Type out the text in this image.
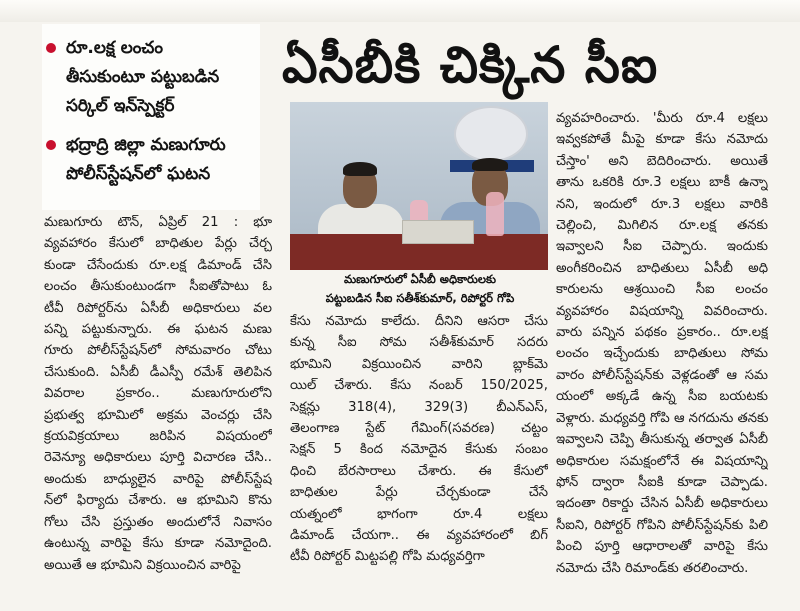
రూ.లక్ష లంచం
తీసుకుంటూ పట్టుబడిన
సర్కిల్ ఇన్‌స్పెక్టర్
భద్రాద్రి జిల్లా మణుగూరు
పోలీస్‌స్టేషన్‌లో ఘటన
ఏసీబీకి చిక్కిన సీఐ
మణుగూరులో ఏసీబీ అధికారులకు
పట్టుబడిన సీఐ సతీశ్‌కుమార్, రిపోర్టర్ గోపి
మణుగూరు టౌన్, ఏప్రిల్ 21 : భూ
వ్యవహారం కేసులో బాధితుల పేర్లు చేర్చ
కుండా చేసేందుకు రూ.లక్ష డిమాండ్ చేసి
లంచం తీసుకుంటుండగా సీఐతోపాటు ఓ
టీవీ రిపోర్టర్‌ను ఏసీబీ అధికారులు వల
పన్ని పట్టుకున్నారు. ఈ ఘటన మణు
గూరు పోలీస్‌స్టేషన్‌లో సోమవారం చోటు
చేసుకుంది. ఏసీబీ డీఎస్పీ రమేశ్ తెలిపిన
వివరాల ప్రకారం.. మణుగూరులోని
ప్రభుత్వ భూమిలో అక్రమ వెంచర్లు చేసి
క్రయవిక్రయాలు జరిపిన విషయంలో
రెవెన్యూ అధికారులు పూర్తి విచారణ చేసి..
అందుకు బాధ్యులైన వారిపై పోలీస్‌స్టేష
న్‌లో ఫిర్యాదు చేశారు. ఆ భూమిని కొను
గోలు చేసి ప్రస్తుతం అందులోనే నివాసం
ఉంటున్న వారిపై కేసు కూడా నమోదైంది.
అయితే ఆ భూమిని విక్రయించిన వారిపై
కేసు నమోదు కాలేదు. దీనిని ఆసరా చేసు
కున్న సీఐ సోమ సతీశ్‌కుమార్ సదరు
భూమిని విక్రయించిన వారిని బ్లాక్‌మె
యిల్ చేశారు. కేసు నంబర్ 150/2025,
సెక్షన్లు 318(4), 329(3) బీఎన్ఎస్,
తెలంగాణ స్టేట్ గేమింగ్(సవరణ) చట్టం
సెక్షన్ 5 కింద నమోదైన కేసుకు సంబం
ధించి బేరసారాలు చేశారు. ఈ కేసులో
బాధితుల పేర్లు చేర్చకుండా చేసే
యత్నంలో భాగంగా రూ.4 లక్షలు
డిమాండ్ చేయగా.. ఈ వ్యవహారంలో బిగ్
టీవీ రిపోర్టర్ మిట్టపల్లి గోపి మధ్యవర్తిగా
వ్యవహరించారు. 'మీరు రూ.4 లక్షలు
ఇవ్వకపోతే మీపై కూడా కేసు నమోదు
చేస్తాం' అని బెదిరించారు. అయితే
తాను ఒకరికి రూ.3 లక్షలు బాకీ ఉన్నా
నని, ఇందులో రూ.3 లక్షలు వారికి
చెల్లించి, మిగిలిన రూ.లక్ష తనకు
ఇవ్వాలని సీఐ చెప్పారు. ఇందుకు
అంగీకరించిన బాధితులు ఏసీబీ అధి
కారులను ఆశ్రయించి సీఐ లంచం
వ్యవహారం విషయాన్ని వివరించారు.
వారు పన్నిన పథకం ప్రకారం.. రూ.లక్ష
లంచం ఇచ్చేందుకు బాధితులు సోమ
వారం పోలీస్‌స్టేషన్‌కు వెళ్లడంతో ఆ సమ
యంలో అక్కడే ఉన్న సీఐ బయటకు
వెళ్లారు. మధ్యవర్తి గోపి ఆ నగదును తనకు
ఇవ్వాలని చెప్పి తీసుకున్న తర్వాత ఏసీబీ
అధికారుల సమక్షంలోనే ఈ విషయాన్ని
ఫోన్ ద్వారా సీఐకి కూడా చెప్పాడు.
ఇదంతా రికార్డు చేసిన ఏసీబీ అధికారులు
సీఐని, రిపోర్టర్ గోపిని పోలీస్‌స్టేషన్‌కు పిలి
పించి పూర్తి ఆధారాలతో వారిపై కేసు
నమోదు చేసి రిమాండ్‌కు తరలించారు.
